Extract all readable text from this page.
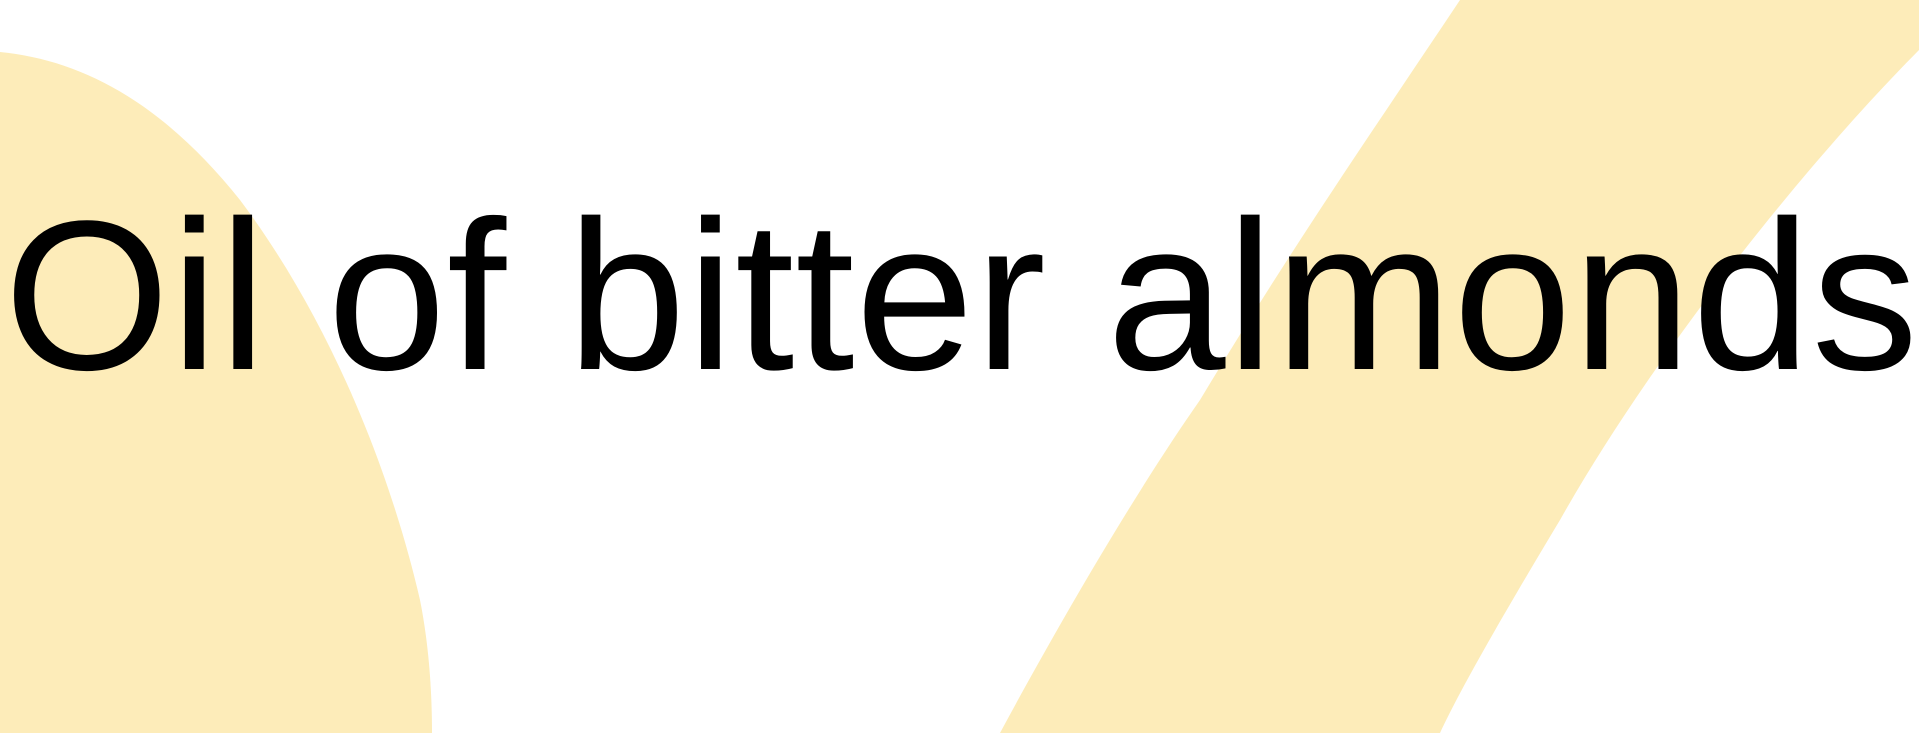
Oil of bitter almonds
